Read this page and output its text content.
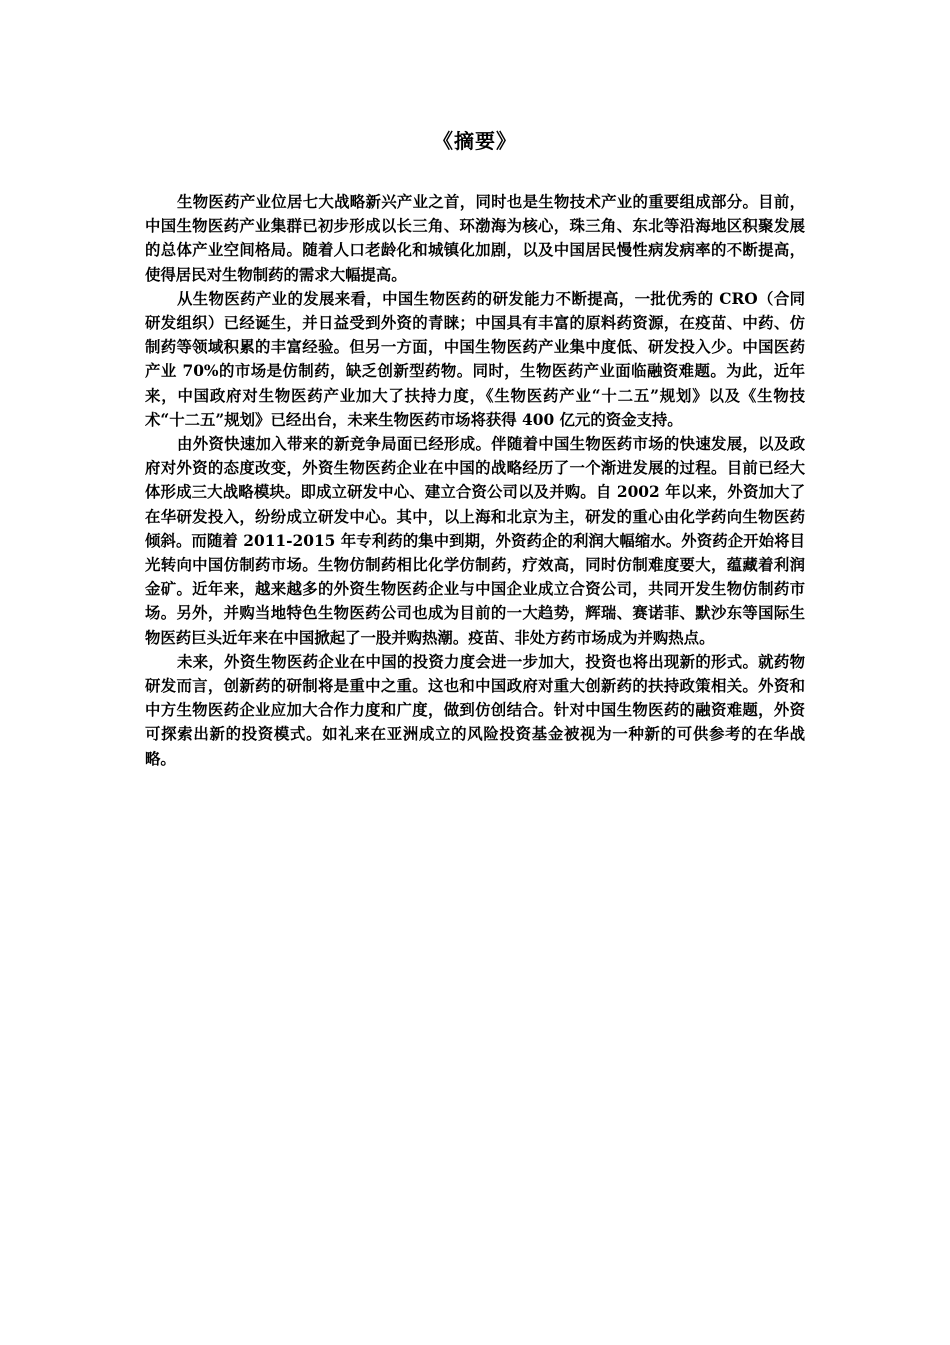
《摘要》

生物医药产业位居七大战略新兴产业之首，同时也是生物技术产业的重要组成部分。目前，中国生物医药产业集群已初步形成以长三角、环渤海为核心，珠三角、东北等沿海地区积聚发展的总体产业空间格局。随着人口老龄化和城镇化加剧，以及中国居民慢性病发病率的不断提高，使得居民对生物制药的需求大幅提高。

从生物医药产业的发展来看，中国生物医药的研发能力不断提高，一批优秀的 CRO（合同研发组织）已经诞生，并日益受到外资的青睐；中国具有丰富的原料药资源，在疫苗、中药、仿制药等领域积累的丰富经验。但另一方面，中国生物医药产业集中度低、研发投入少。中国医药产业 70%的市场是仿制药，缺乏创新型药物。同时，生物医药产业面临融资难题。为此，近年来，中国政府对生物医药产业加大了扶持力度，《生物医药产业“十二五”规划》以及《生物技术“十二五”规划》已经出台，未来生物医药市场将获得 400 亿元的资金支持。

由外资快速加入带来的新竞争局面已经形成。伴随着中国生物医药市场的快速发展，以及政府对外资的态度改变，外资生物医药企业在中国的战略经历了一个渐进发展的过程。目前已经大体形成三大战略模块。即成立研发中心、建立合资公司以及并购。自 2002 年以来，外资加大了在华研发投入，纷纷成立研发中心。其中，以上海和北京为主，研发的重心由化学药向生物医药倾斜。而随着 2011-2015 年专利药的集中到期，外资药企的利润大幅缩水。外资药企开始将目光转向中国仿制药市场。生物仿制药相比化学仿制药，疗效高，同时仿制难度要大，蕴藏着利润金矿。近年来，越来越多的外资生物医药企业与中国企业成立合资公司，共同开发生物仿制药市场。另外，并购当地特色生物医药公司也成为目前的一大趋势，辉瑞、赛诺菲、默沙东等国际生物医药巨头近年来在中国掀起了一股并购热潮。疫苗、非处方药市场成为并购热点。

未来，外资生物医药企业在中国的投资力度会进一步加大，投资也将出现新的形式。就药物研发而言，创新药的研制将是重中之重。这也和中国政府对重大创新药的扶持政策相关。外资和中方生物医药企业应加大合作力度和广度，做到仿创结合。针对中国生物医药的融资难题，外资可探索出新的投资模式。如礼来在亚洲成立的风险投资基金被视为一种新的可供参考的在华战略。
